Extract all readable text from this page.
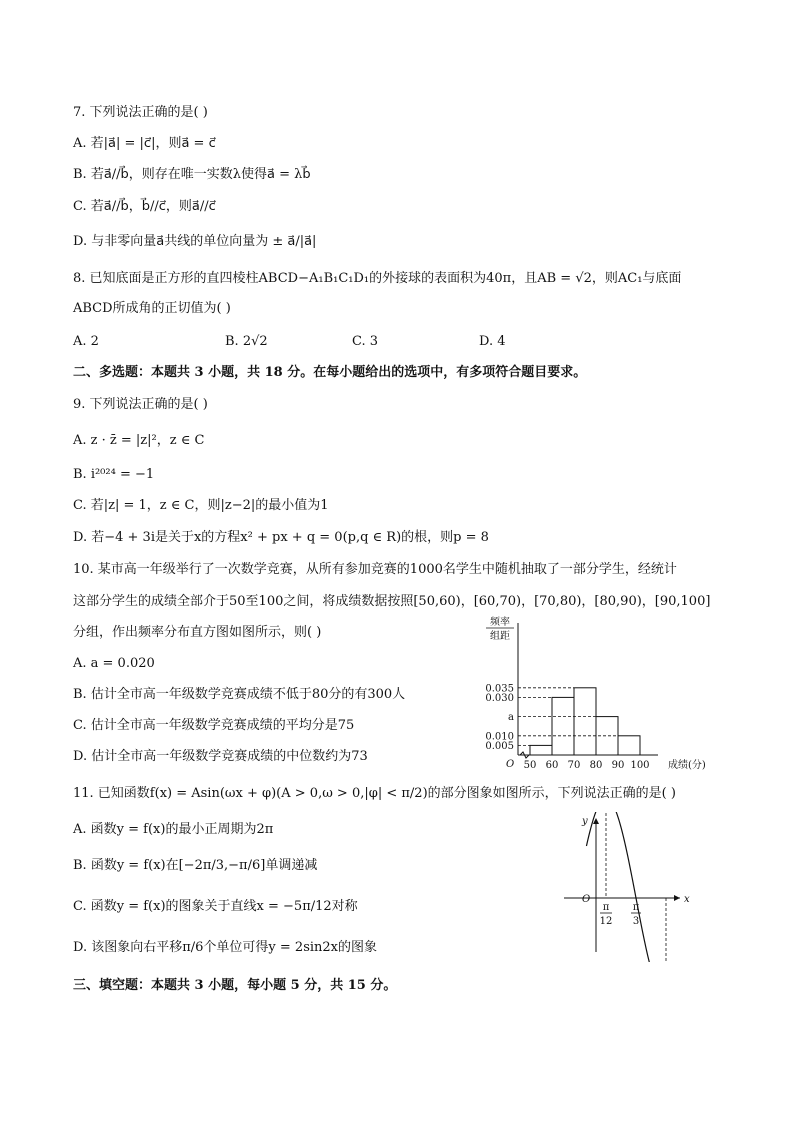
7. 下列说法正确的是( )
A. 若|a⃗| = |c⃗|，则a⃗ = c⃗
B. 若a⃗//b⃗，则存在唯一实数λ使得a⃗ = λb⃗
C. 若a⃗//b⃗，b⃗//c⃗，则a⃗//c⃗
D. 与非零向量a⃗共线的单位向量为 ± a⃗/|a⃗|
8. 已知底面是正方形的直四棱柱ABCD−A₁B₁C₁D₁的外接球的表面积为40π，且AB = √2，则AC₁与底面
ABCD所成角的正切值为( )
A. 2	B. 2√2	C. 3	D. 4
二、多选题：本题共 3 小题，共 18 分。在每小题给出的选项中，有多项符合题目要求。
9. 下列说法正确的是( )
A. z · z̄ = |z|²，z ∈ C
B. i²⁰²⁴ = −1
C. 若|z| = 1，z ∈ C，则|z−2|的最小值为1
D. 若−4 + 3i是关于x的方程x² + px + q = 0(p,q ∈ R)的根，则p = 8
10. 某市高一年级举行了一次数学竞赛，从所有参加竞赛的1000名学生中随机抽取了一部分学生，经统计
这部分学生的成绩全部介于50至100之间，将成绩数据按照[50,60)，[60,70)，[70,80)，[80,90)，[90,100]
分组，作出频率分布直方图如图所示，则( )
A. a = 0.020
B. 估计全市高一年级数学竞赛成绩不低于80分的有300人
C. 估计全市高一年级数学竞赛成绩的平均分是75
D. 估计全市高一年级数学竞赛成绩的中位数约为73
频率
组距
0.035
0.030
a
0.010
0.005
O 50 60 70 80 90 100 成绩(分)
11. 已知函数f(x) = Asin(ωx + φ)(A > 0,ω > 0,|φ| < π/2)的部分图象如图所示，下列说法正确的是( )
A. 函数y = f(x)的最小正周期为2π
B. 函数y = f(x)在[−2π/3,−π/6]单调递减
C. 函数y = f(x)的图象关于直线x = −5π/12对称
D. 该图象向右平移π/6个单位可得y = 2sin2x的图象
y
x
O
π
12
π
3
三、填空题：本题共 3 小题，每小题 5 分，共 15 分。
